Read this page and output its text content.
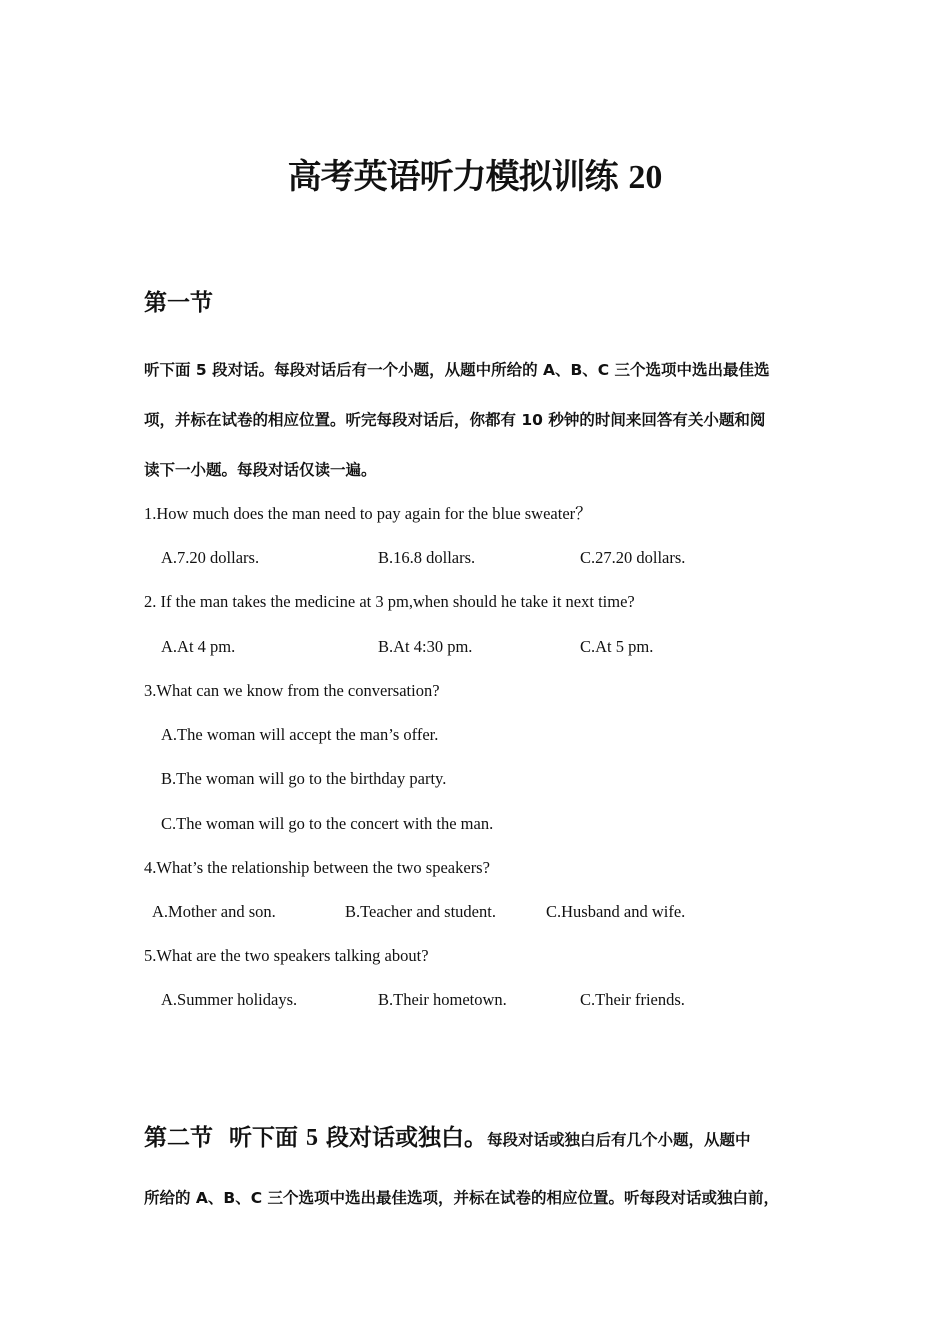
高考英语听力模拟训练 20
第一节
听下面 5 段对话。每段对话后有一个小题，从题中所给的 A、B、C 三个选项中选出最佳选
项，并标在试卷的相应位置。听完每段对话后，你都有 10 秒钟的时间来回答有关小题和阅
读下一小题。每段对话仅读一遍。
1.How much does the man need to pay again for the blue sweater？
A.7.20 dollars.	B.16.8 dollars.	C.27.20 dollars.
2. If the man takes the medicine at 3 pm,when should he take it next time?
A.At 4 pm.	B.At 4:30 pm.	C.At 5 pm.
3.What can we know from the conversation?
A.The woman will accept the man’s offer.
B.The woman will go to the birthday party.
C.The woman will go to the concert with the man.
4.What’s the relationship between the two speakers?
A.Mother and son.	B.Teacher and student.	C.Husband and wife.
5.What are the two speakers talking about?
A.Summer holidays.	B.Their hometown.	C.Their friends.
第二节 听下面 5 段对话或独白。每段对话或独白后有几个小题，从题中
所给的 A、B、C 三个选项中选出最佳选项，并标在试卷的相应位置。听每段对话或独白前，
